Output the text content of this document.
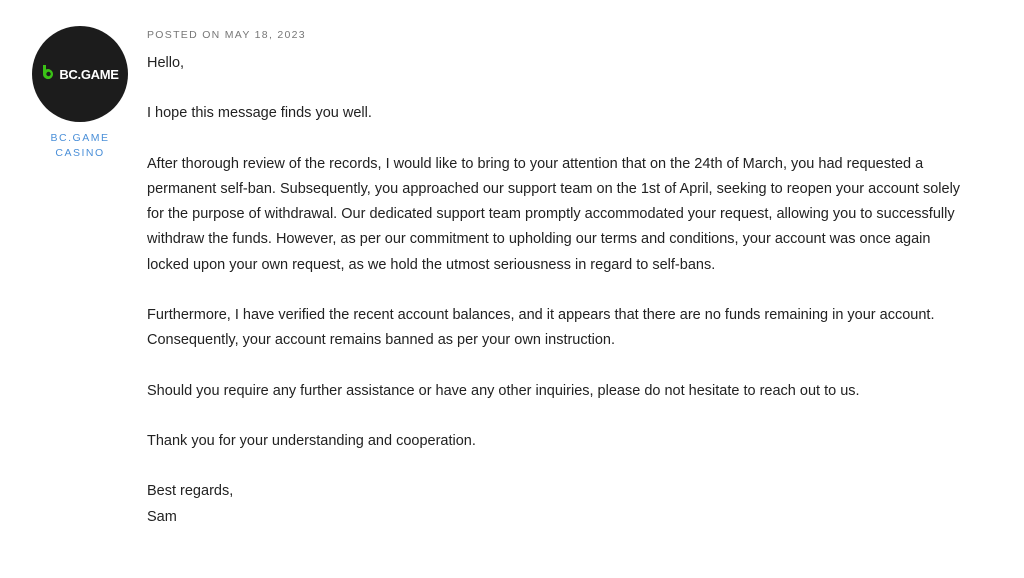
BC.GAME
BC.GAME
CASINO
POSTED ON MAY 18, 2023
Hello,
I hope this message finds you well.
After thorough review of the records, I would like to bring to your attention that on the 24th of March, you had requested a
permanent self-ban. Subsequently, you approached our support team on the 1st of April, seeking to reopen your account solely
for the purpose of withdrawal. Our dedicated support team promptly accommodated your request, allowing you to successfully
withdraw the funds. However, as per our commitment to upholding our terms and conditions, your account was once again
locked upon your own request, as we hold the utmost seriousness in regard to self-bans.
Furthermore, I have verified the recent account balances, and it appears that there are no funds remaining in your account.
Consequently, your account remains banned as per your own instruction.
Should you require any further assistance or have any other inquiries, please do not hesitate to reach out to us.
Thank you for your understanding and cooperation.
Best regards,
Sam
